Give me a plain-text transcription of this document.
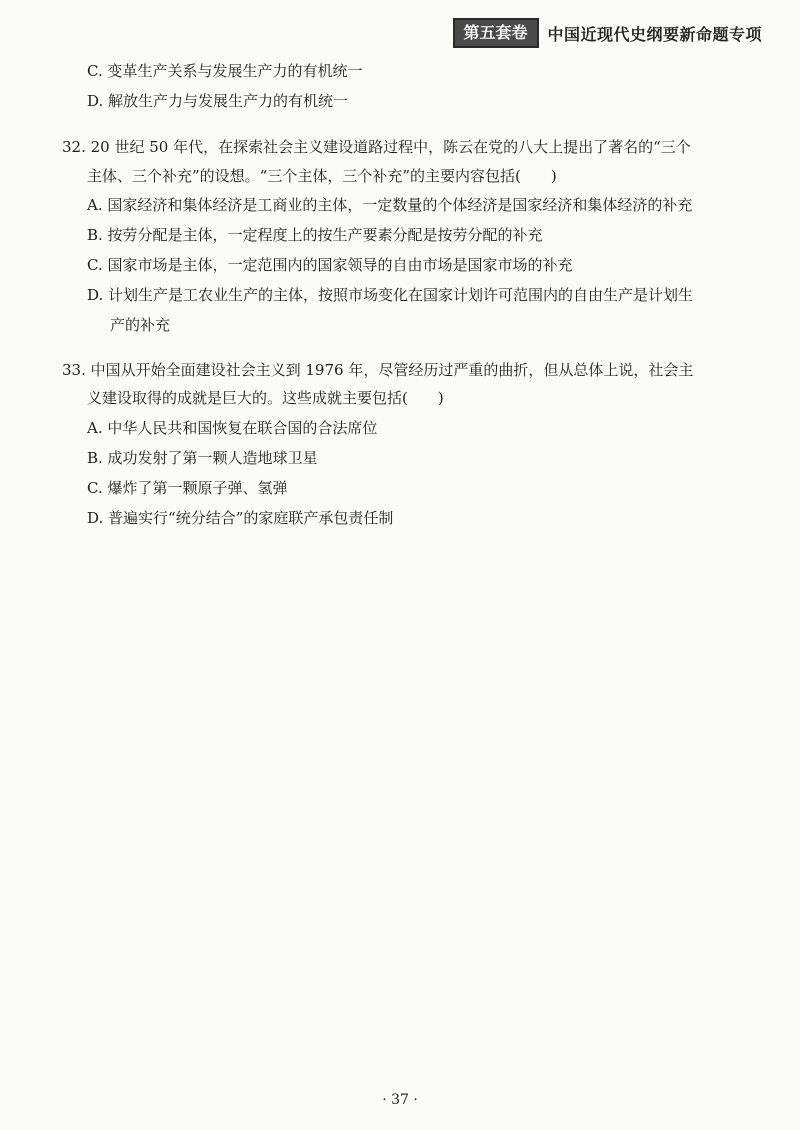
第五套卷	中国近现代史纲要新命题专项
C. 变革生产关系与发展生产力的有机统一
D. 解放生产力与发展生产力的有机统一
32. 20 世纪 50 年代，在探索社会主义建设道路过程中，陈云在党的八大上提出了著名的“三个
主体、三个补充”的设想。“三个主体，三个补充”的主要内容包括(　　)
A. 国家经济和集体经济是工商业的主体，一定数量的个体经济是国家经济和集体经济的补充
B. 按劳分配是主体，一定程度上的按生产要素分配是按劳分配的补充
C. 国家市场是主体，一定范围内的国家领导的自由市场是国家市场的补充
D. 计划生产是工农业生产的主体，按照市场变化在国家计划许可范围内的自由生产是计划生
产的补充
33. 中国从开始全面建设社会主义到 1976 年，尽管经历过严重的曲折，但从总体上说，社会主
义建设取得的成就是巨大的。这些成就主要包括(　　)
A. 中华人民共和国恢复在联合国的合法席位
B. 成功发射了第一颗人造地球卫星
C. 爆炸了第一颗原子弹、氢弹
D. 普遍实行“统分结合”的家庭联产承包责任制
· 37 ·
